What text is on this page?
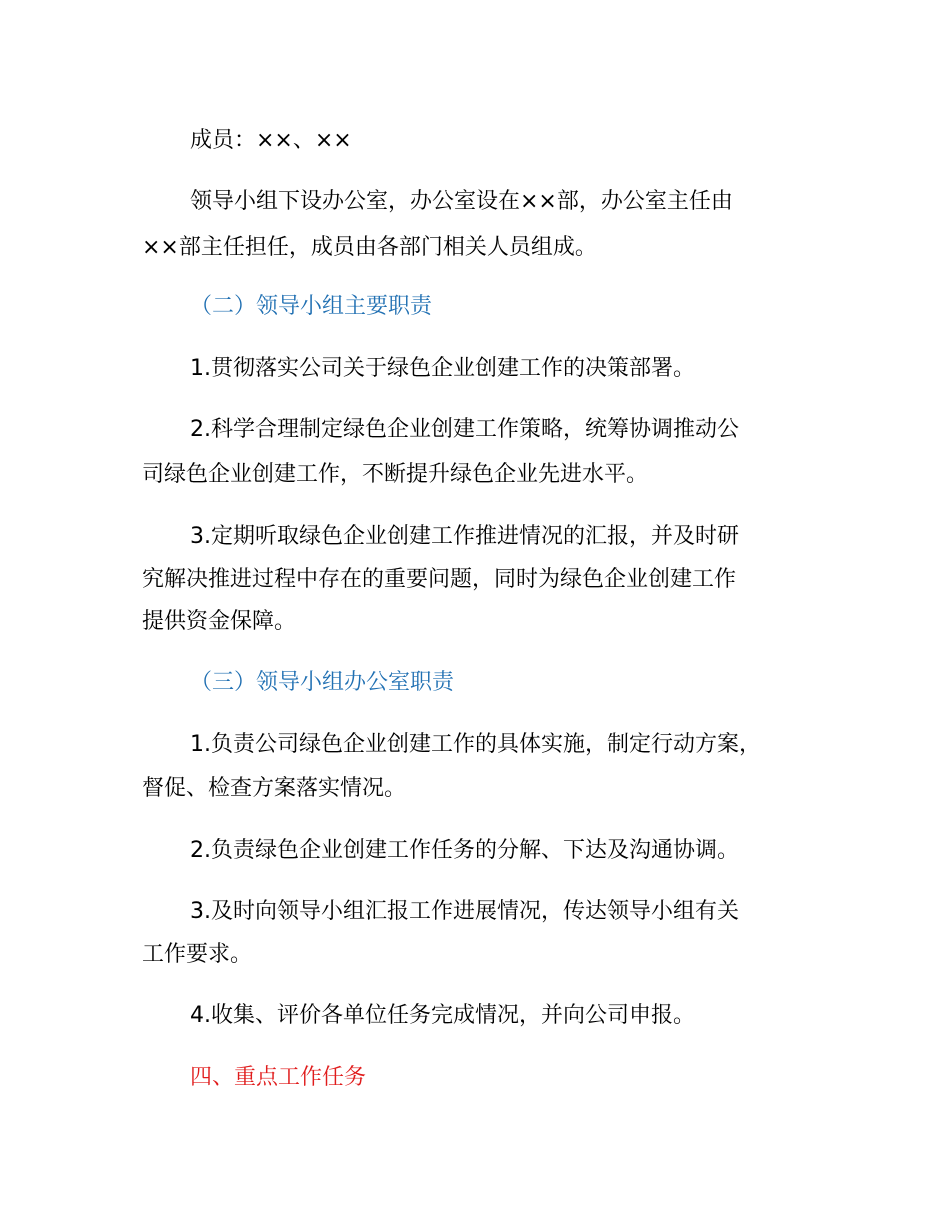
成员：××、××
领导小组下设办公室，办公室设在××部，办公室主任由
××部主任担任，成员由各部门相关人员组成。
（二）领导小组主要职责
1.贯彻落实公司关于绿色企业创建工作的决策部署。
2.科学合理制定绿色企业创建工作策略，统筹协调推动公
司绿色企业创建工作，不断提升绿色企业先进水平。
3.定期听取绿色企业创建工作推进情况的汇报，并及时研
究解决推进过程中存在的重要问题，同时为绿色企业创建工作
提供资金保障。
（三）领导小组办公室职责
1.负责公司绿色企业创建工作的具体实施，制定行动方案，
督促、检查方案落实情况。
2.负责绿色企业创建工作任务的分解、下达及沟通协调。
3.及时向领导小组汇报工作进展情况，传达领导小组有关
工作要求。
4.收集、评价各单位任务完成情况，并向公司申报。
四、重点工作任务
